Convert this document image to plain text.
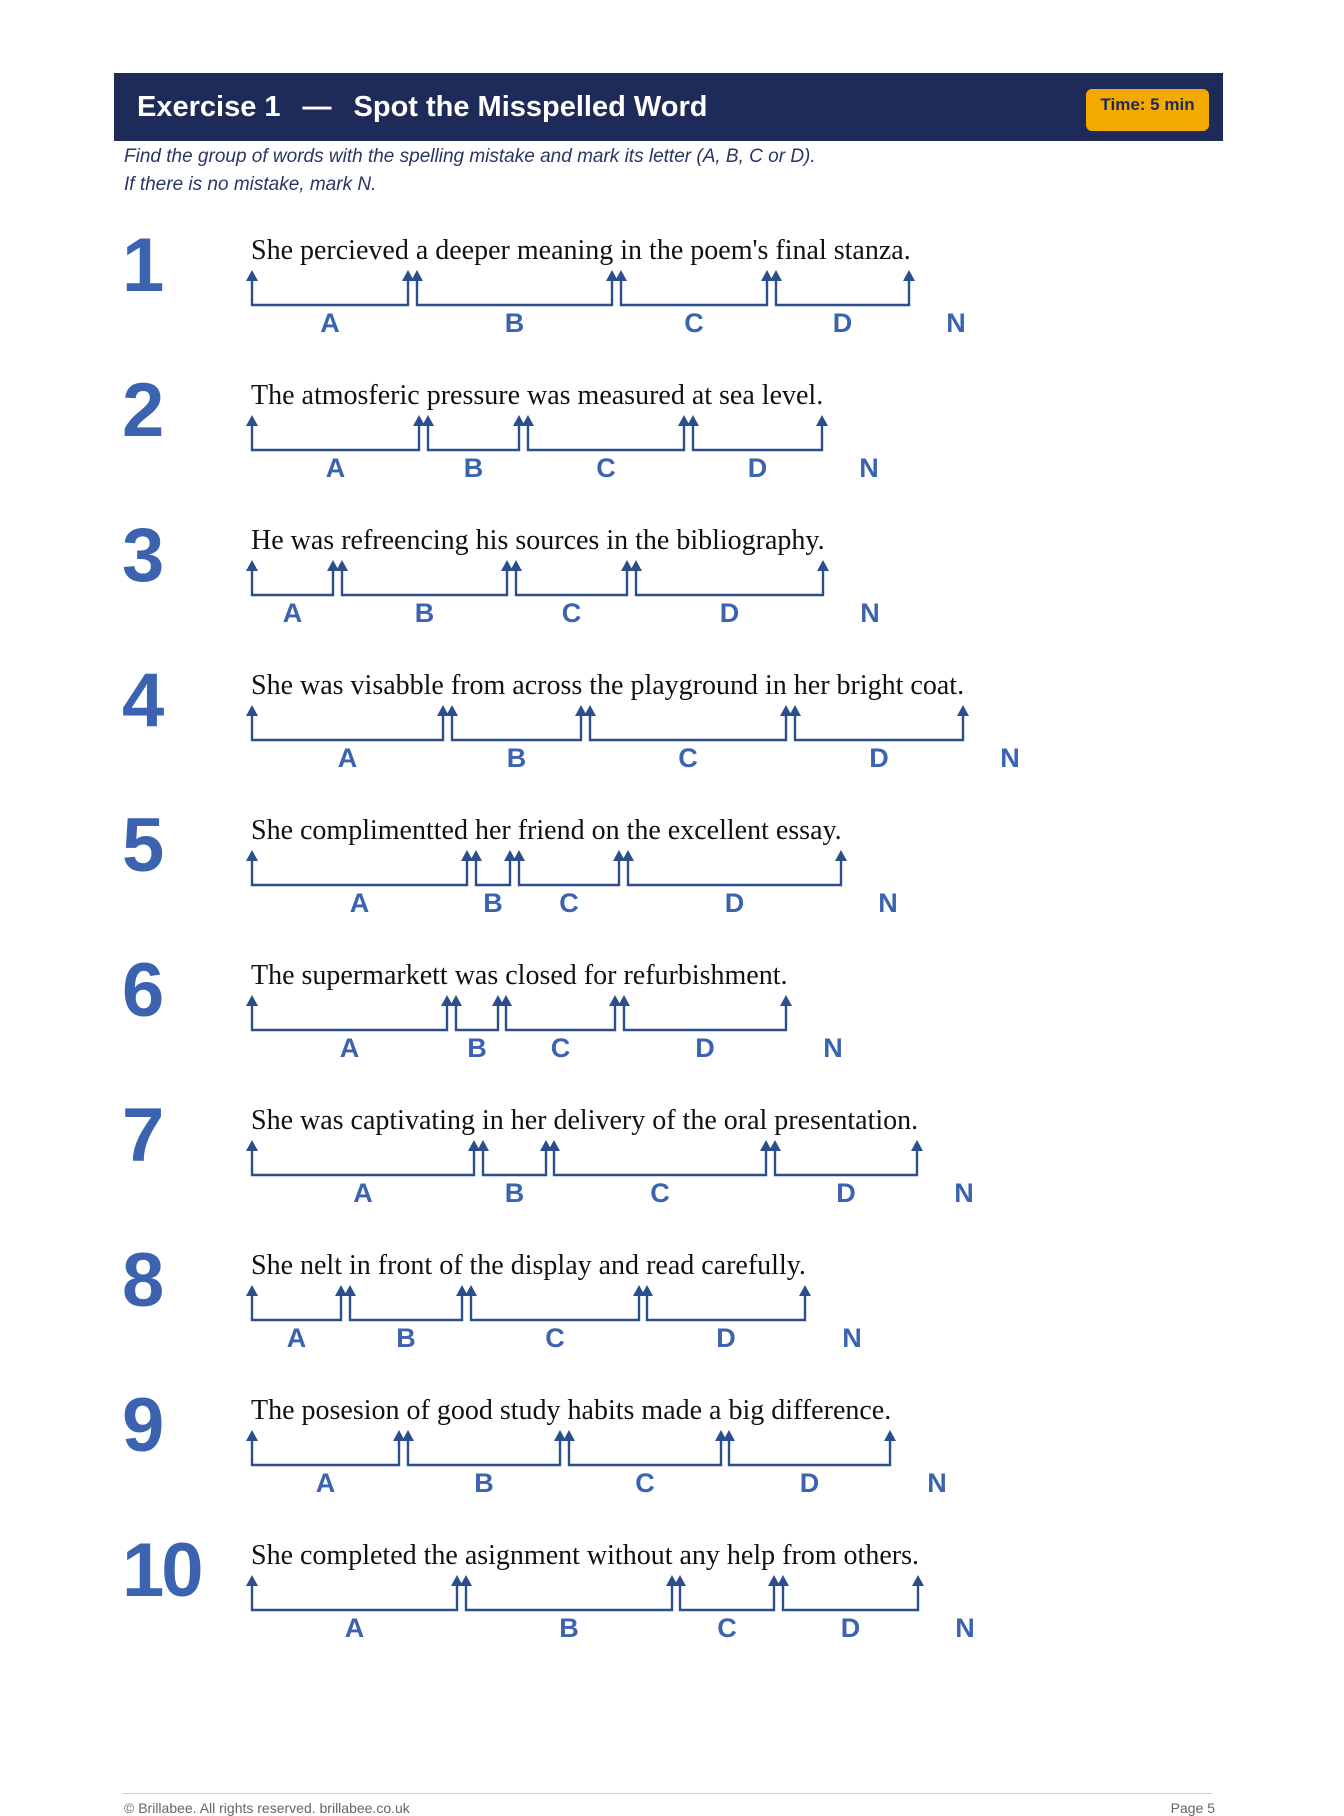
Exercise 1 — Spot the Misspelled Word	Time: 5 min
Find the group of words with the spelling mistake and mark its letter (A, B, C or D).
If there is no mistake, mark N.
1	She percieved a deeper meaning in the poem's final stanza.
A	B	C	D	N
2	The atmosferic pressure was measured at sea level.
A	B	C	D	N
3	He was refreencing his sources in the bibliography.
A	B	C	D	N
4	She was visabble from across the playground in her bright coat.
A	B	C	D	N
5	She complimentted her friend on the excellent essay.
A	B C	D	N
6	The supermarkett was closed for refurbishment.
A	B C	D	N
7	She was captivating in her delivery of the oral presentation.
A	B	C	D	N
8	She nelt in front of the display and read carefully.
A	B	C	D	N
9	The posesion of good study habits made a big difference.
A	B	C	D	N
10 She completed the asignment without any help from others.
A	B	C	D	N
© Brillabee. All rights reserved. brillabee.co.uk	Page 5
